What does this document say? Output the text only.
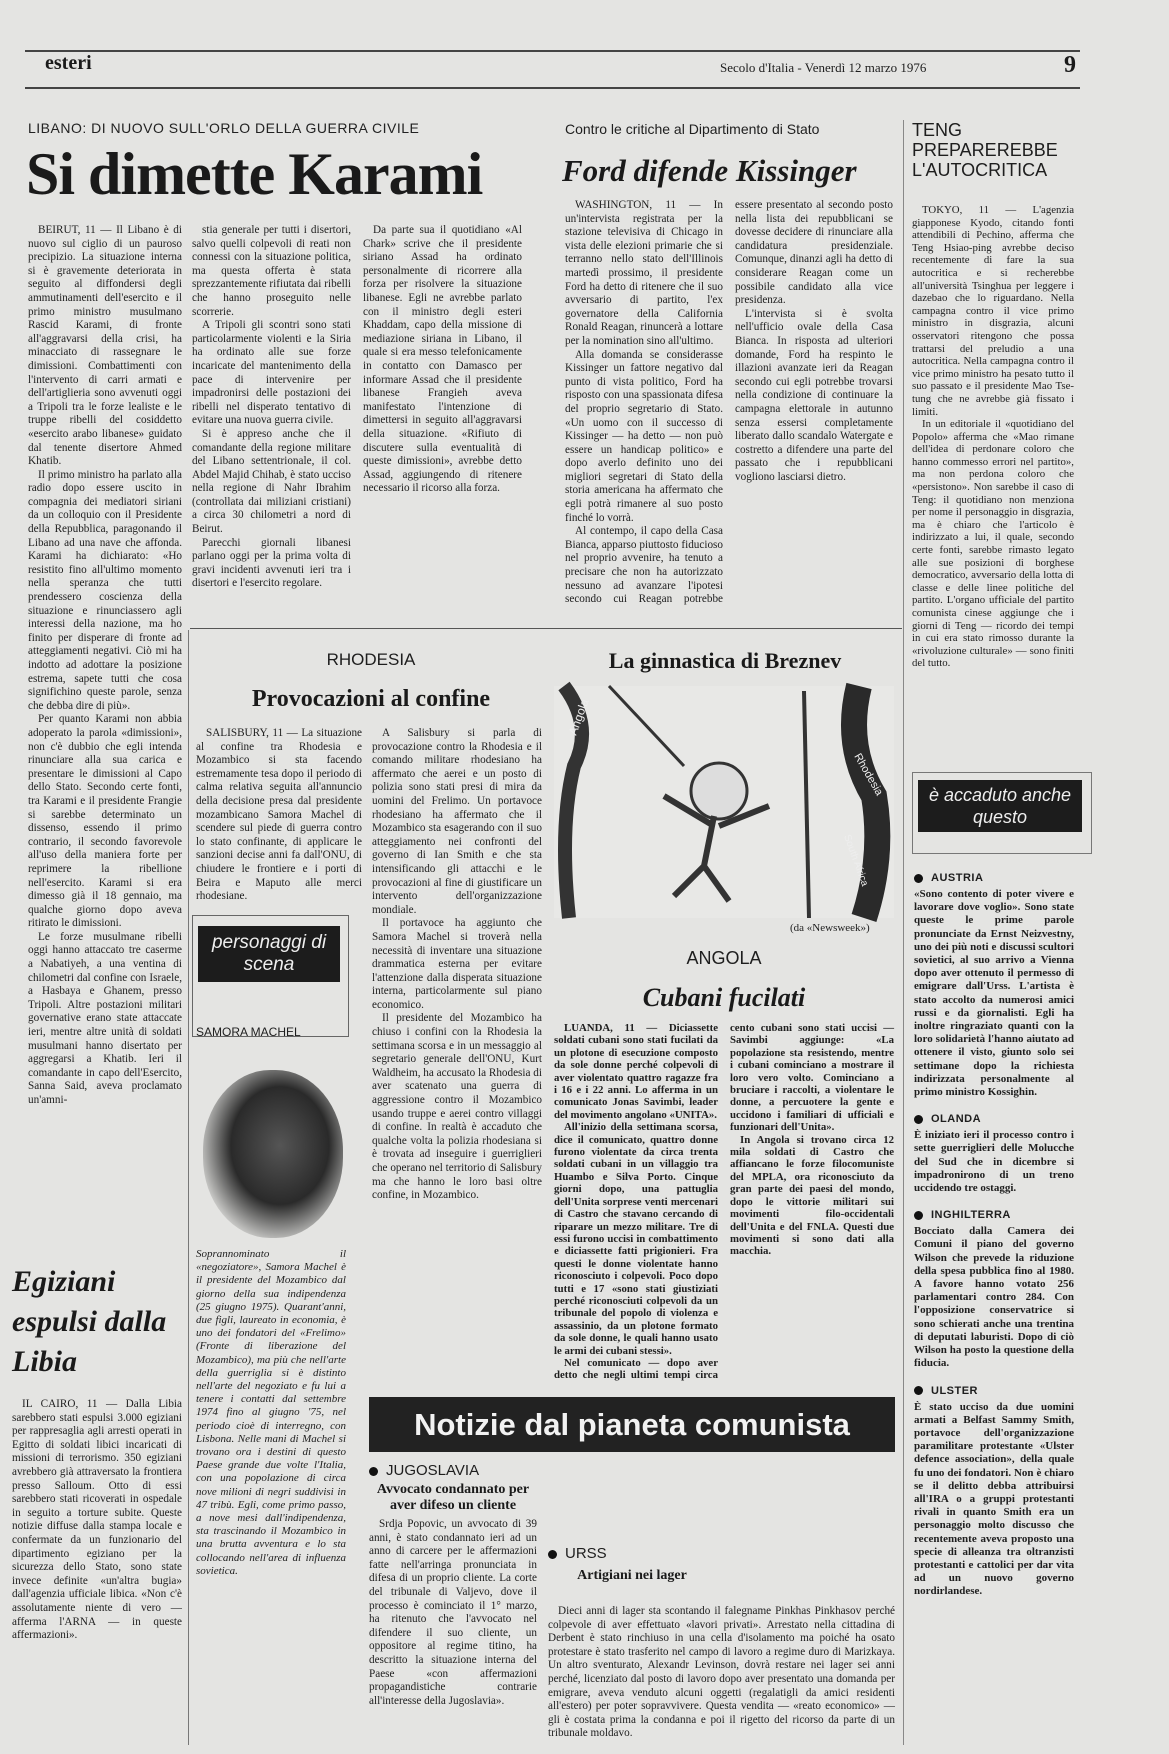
esteri	Secolo d'Italia - Venerdì 12 marzo 1976	9
LIBANO: DI NUOVO SULL'ORLO DELLA GUERRA CIVILE
Si dimette Karami

BEIRUT, 11 — Il Libano è di nuovo sul ciglio di un pauroso precipizio. La situazione interna si è gravemente deteriorata in seguito al diffondersi degli ammutinamenti dell'esercito e il primo ministro musulmano Rascid Karami, di fronte all'aggravarsi della crisi, ha minacciato di rassegnare le dimissioni. Combattimenti con l'intervento di carri armati e dell'artiglieria sono avvenuti oggi a Tripoli tra le forze lealiste e le truppe ribelli del cosiddetto «esercito arabo libanese» guidato dal tenente disertore Ahmed Khatib.

Il primo ministro ha parlato alla radio dopo essere uscito in compagnia dei mediatori siriani da un colloquio con il Presidente della Repubblica, paragonando il Libano ad una nave che affonda. Karami ha dichiarato: «Ho resistito fino all'ultimo momento nella speranza che tutti prendessero coscienza della situazione e rinunciassero agli interessi della nazione, ma ho finito per disperare di fronte ad atteggiamenti negativi. Ciò mi ha indotto ad adottare la posizione estrema, sapete tutti che cosa significhino queste parole, senza che debba dire di più».

Per quanto Karami non abbia adoperato la parola «dimissioni», non c'è dubbio che egli intenda rinunciare alla sua carica e presentare le dimissioni al Capo dello Stato. Secondo certe fonti, tra Karami e il presidente Frangie si sarebbe determinato un dissenso, essendo il primo contrario, il secondo favorevole all'uso della maniera forte per reprimere la ribellione nell'esercito. Karami si era dimesso già il 18 gennaio, ma qualche giorno dopo aveva ritirato le dimissioni.

Le forze musulmane ribelli oggi hanno attaccato tre caserme a Nabatiyeh, a una ventina di chilometri dal confine con Israele, a Hasbaya e Ghanem, presso Tripoli. Altre postazioni militari governative erano state attaccate ieri, mentre altre unità di soldati musulmani hanno disertato per aggregarsi a Khatib. Ieri il comandante in capo dell'Esercito, Sanna Said, aveva proclamato un'amni-

stia generale per tutti i disertori, salvo quelli colpevoli di reati non connessi con la situazione politica, ma questa offerta è stata sprezzantemente rifiutata dai ribelli che hanno proseguito nelle scorrerie.

A Tripoli gli scontri sono stati particolarmente violenti e la Siria ha ordinato alle sue forze incaricate del mantenimento della pace di intervenire per impadronirsi delle postazioni dei ribelli nel disperato tentativo di evitare una nuova guerra civile.

Si è appreso anche che il comandante della regione militare del Libano settentrionale, il col. Abdel Majid Chihab, è stato ucciso nella regione di Nahr Ibrahim (controllata dai miliziani cristiani) a circa 30 chilometri a nord di Beirut.

Parecchi giornali libanesi parlano oggi per la prima volta di gravi incidenti avvenuti ieri tra i disertori e l'esercito regolare.

Da parte sua il quotidiano «Al Chark» scrive che il presidente siriano Assad ha ordinato personalmente di ricorrere alla forza per risolvere la situazione libanese. Egli ne avrebbe parlato con il ministro degli esteri Khaddam, capo della missione di mediazione siriana in Libano, il quale si era messo telefonicamente in contatto con Damasco per informare Assad che il presidente libanese Frangieh aveva manifestato l'intenzione di dimettersi in seguito all'aggravarsi della situazione. «Rifiuto di discutere sulla eventualità di queste dimissioni», avrebbe detto Assad, aggiungendo di ritenere necessario il ricorso alla forza.

Contro le critiche al Dipartimento di Stato
Ford difende Kissinger

WASHINGTON, 11 — In un'intervista registrata per la stazione televisiva di Chicago in vista delle elezioni primarie che si terranno nello stato dell'Illinois martedì prossimo, il presidente Ford ha detto di ritenere che il suo avversario di partito, l'ex governatore della California Ronald Reagan, rinuncerà a lottare per la nomination sino all'ultimo.

Alla domanda se considerasse Kissinger un fattore negativo dal punto di vista politico, Ford ha risposto con una spassionata difesa del proprio segretario di Stato. «Un uomo con il successo di Kissinger — ha detto — non può essere un handicap politico» e dopo averlo definito uno dei migliori segretari di Stato della storia americana ha affermato che egli potrà rimanere al suo posto finché lo vorrà.

Al contempo, il capo della Casa Bianca, apparso piuttosto fiducioso nel proprio avvenire, ha tenuto a precisare che non ha autorizzato nessuno ad avanzare l'ipotesi secondo cui Reagan potrebbe essere presentato al secondo posto nella lista dei repubblicani se dovesse decidere di rinunciare alla candidatura presidenziale. Comunque, dinanzi agli ha detto di considerare Reagan come un possibile candidato alla vice presidenza.

L'intervista si è svolta nell'ufficio ovale della Casa Bianca. In risposta ad ulteriori domande, Ford ha respinto le illazioni avanzate ieri da Reagan secondo cui egli potrebbe trovarsi nella condizione di continuare la campagna elettorale in autunno senza essersi completamente liberato dallo scandalo Watergate e costretto a difendere una parte del passato che i repubblicani vogliono lasciarsi dietro.

TENG PREPAREREBBE L'AUTOCRITICA

TOKYO, 11 — L'agenzia giapponese Kyodo, citando fonti attendibili di Pechino, afferma che Teng Hsiao-ping avrebbe deciso recentemente di fare la sua autocritica e si recherebbe all'università Tsinghua per leggere i dazebao che lo riguardano. Nella campagna contro il vice primo ministro in disgrazia, alcuni osservatori ritengono che possa trattarsi del preludio a una autocritica. Nella campagna contro il vice primo ministro ha pesato tutto il suo passato e il presidente Mao Tse-tung che ne avrebbe già fissato i limiti.

In un editoriale il «quotidiano del Popolo» afferma che «Mao rimane dell'idea di perdonare coloro che hanno commesso errori nel partito», ma non perdona coloro che «persistono». Non sarebbe il caso di Teng: il quotidiano non menziona per nome il personaggio in disgrazia, ma è chiaro che l'articolo è indirizzato a lui, il quale, secondo certe fonti, sarebbe rimasto legato alle sue posizioni di borghese democratico, avversario della lotta di classe e delle linee politiche del partito. L'organo ufficiale del partito comunista cinese aggiunge che i giorni di Teng — ricordo dei tempi in cui era stato rimosso durante la «rivoluzione culturale» — sono finiti del tutto.

RHODESIA
Provocazioni al confine

SALISBURY, 11 — La situazione al confine tra Rhodesia e Mozambico si sta facendo estremamente tesa dopo il periodo di calma relativa seguita all'annuncio della decisione presa dal presidente mozambicano Samora Machel di scendere sul piede di guerra contro lo stato confinante, di applicare le sanzioni decise anni fa dall'ONU, di chiudere le frontiere e i porti di Beira e Maputo alle merci rhodesiane.

A Salisbury si parla di provocazione contro la Rhodesia e il comando militare rhodesiano ha affermato che aerei e un posto di polizia sono stati presi di mira da uomini del Frelimo. Un portavoce rhodesiano ha affermato che il Mozambico sta esagerando con il suo atteggiamento nei confronti del governo di Ian Smith e che sta intensificando gli attacchi e le provocazioni al fine di giustificare un intervento dell'organizzazione mondiale.

Il portavoce ha aggiunto che Samora Machel si troverà nella necessità di inventare una situazione drammatica esterna per evitare l'attenzione dalla disperata situazione interna, particolarmente sul piano economico.

Il presidente del Mozambico ha chiuso i confini con la Rhodesia la settimana scorsa e in un messaggio al segretario generale dell'ONU, Kurt Waldheim, ha accusato la Rhodesia di aver scatenato una guerra di aggressione contro il Mozambico usando truppe e aerei contro villaggi di confine. In realtà è accaduto che qualche volta la polizia rhodesiana si è trovata ad inseguire i guerriglieri che operano nel territorio di Salisbury ma che hanno le loro basi oltre confine, in Mozambico.

personaggi di scena
SAMORA MACHEL
Soprannominato il «negoziatore», Samora Machel è il presidente del Mozambico dal giorno della sua indipendenza (25 giugno 1975). Quarant'anni, due figli, laureato in economia, è uno dei fondatori del «Frelimo» (Fronte di liberazione del Mozambico), ma più che nell'arte della guerriglia si è distinto nell'arte del negoziato e fu lui a tenere i contatti dal settembre 1974 fino al giugno '75, nel periodo cioè di interregno, con Lisbona. Nelle mani di Machel si trovano ora i destini di questo Paese grande due volte l'Italia, con una popolazione di circa nove milioni di negri suddivisi in 47 tribù. Egli, come primo passo, a nove mesi dall'indipendenza, sta trascinando il Mozambico in una brutta avventura e lo sta collocando nell'area di influenza sovietica.
Egiziani espulsi dalla Libia

IL CAIRO, 11 — Dalla Libia sarebbero stati espulsi 3.000 egiziani per rappresaglia agli arresti operati in Egitto di soldati libici incaricati di missioni di terrorismo. 350 egiziani avrebbero già attraversato la frontiera presso Salloum. Otto di essi sarebbero stati ricoverati in ospedale in seguito a torture subite. Queste notizie diffuse dalla stampa locale e confermate da un funzionario del dipartimento egiziano per la sicurezza dello Stato, sono state invece definite «un'altra bugia» dall'agenzia ufficiale libica. «Non c'è assolutamente niente di vero — afferma l'ARNA — in queste affermazioni».

La ginnastica di Breznev
Angola
Rhodesia
South Africa
(da «Newsweek»)
ANGOLA
Cubani fucilati

LUANDA, 11 — Diciassette soldati cubani sono stati fucilati da un plotone di esecuzione composto da sole donne perché colpevoli di aver violentato quattro ragazze fra i 16 e i 22 anni. Lo afferma in un comunicato Jonas Savimbi, leader del movimento angolano «UNITA».

All'inizio della settimana scorsa, dice il comunicato, quattro donne furono violentate da circa trenta soldati cubani in un villaggio tra Huambo e Silva Porto. Cinque giorni dopo, una pattuglia dell'Unita sorprese venti mercenari di Castro che stavano cercando di riparare un mezzo militare. Tre di essi furono uccisi in combattimento e diciassette fatti prigionieri. Fra questi le donne violentate hanno riconosciuto i colpevoli. Poco dopo tutti e 17 «sono stati giustiziati perché riconosciuti colpevoli da un tribunale del popolo di violenza e assassinio, da un plotone formato da sole donne, le quali hanno usato le armi dei cubani stessi».

Nel comunicato — dopo aver detto che negli ultimi tempi circa cento cubani sono stati uccisi — Savimbi aggiunge: «La popolazione sta resistendo, mentre i cubani cominciano a mostrare il loro vero volto. Cominciano a bruciare i raccolti, a violentare le donne, a percuotere la gente e uccidono i familiari di ufficiali e funzionari dell'Unita».

In Angola si trovano circa 12 mila soldati di Castro che affiancano le forze filocomuniste del MPLA, ora riconosciuto da gran parte dei paesi del mondo, dopo le vittorie militari sui movimenti filo-occidentali dell'Unita e del FNLA. Questi due movimenti si sono dati alla macchia.

Notizie dal pianeta comunista
JUGOSLAVIA
Avvocato condannato per aver difeso un cliente

Srdja Popovic, un avvocato di 39 anni, è stato condannato ieri ad un anno di carcere per le affermazioni fatte nell'arringa pronunciata in difesa di un proprio cliente. La corte del tribunale di Valjevo, dove il processo è cominciato il 1° marzo, ha ritenuto che l'avvocato nel difendere il suo cliente, un oppositore al regime titino, ha descritto la situazione interna del Paese «con affermazioni propagandistiche contrarie all'interesse della Jugoslavia».

URSS
Artigiani nei lager

Dieci anni di lager sta scontando il falegname Pinkhas Pinkhasov perché colpevole di aver effettuato «lavori privati». Arrestato nella cittadina di Derbent è stato rinchiuso in una cella d'isolamento ma poiché ha osato protestare è stato trasferito nel campo di lavoro a regime duro di Marizkaya. Un altro sventurato, Alexandr Levinson, dovrà restare nei lager sei anni perché, licenziato dal posto di lavoro dopo aver presentato una domanda per emigrare, aveva venduto alcuni oggetti (regalatigli da amici residenti all'estero) per poter sopravvivere. Questa vendita — «reato economico» — gli è costata prima la condanna e poi il rigetto del ricorso da parte di un tribunale moldavo.

è accaduto anche questo
AUSTRIA
«Sono contento di poter vivere e lavorare dove voglio». Sono state queste le prime parole pronunciate da Ernst Neizvestny, uno dei più noti e discussi scultori sovietici, al suo arrivo a Vienna dopo aver ottenuto il permesso di emigrare dall'Urss. L'artista è stato accolto da numerosi amici russi e da giornalisti. Egli ha inoltre ringraziato quanti con la loro solidarietà l'hanno aiutato ad ottenere il visto, giunto solo sei settimane dopo la richiesta indirizzata personalmente al primo ministro Kossighin.
OLANDA
È iniziato ieri il processo contro i sette guerriglieri delle Molucche del Sud che in dicembre si impadronirono di un treno uccidendo tre ostaggi.
INGHILTERRA
Bocciato dalla Camera dei Comuni il piano del governo Wilson che prevede la riduzione della spesa pubblica fino al 1980. A favore hanno votato 256 parlamentari contro 284. Con l'opposizione conservatrice si sono schierati anche una trentina di deputati laburisti. Dopo di ciò Wilson ha posto la questione della fiducia.
ULSTER
È stato ucciso da due uomini armati a Belfast Sammy Smith, portavoce dell'organizzazione paramilitare protestante «Ulster defence association», della quale fu uno dei fondatori. Non è chiaro se il delitto debba attribuirsi all'IRA o a gruppi protestanti rivali in quanto Smith era un personaggio molto discusso che recentemente aveva proposto una specie di alleanza tra oltranzisti protestanti e cattolici per dar vita ad un nuovo governo nordirlandese.
